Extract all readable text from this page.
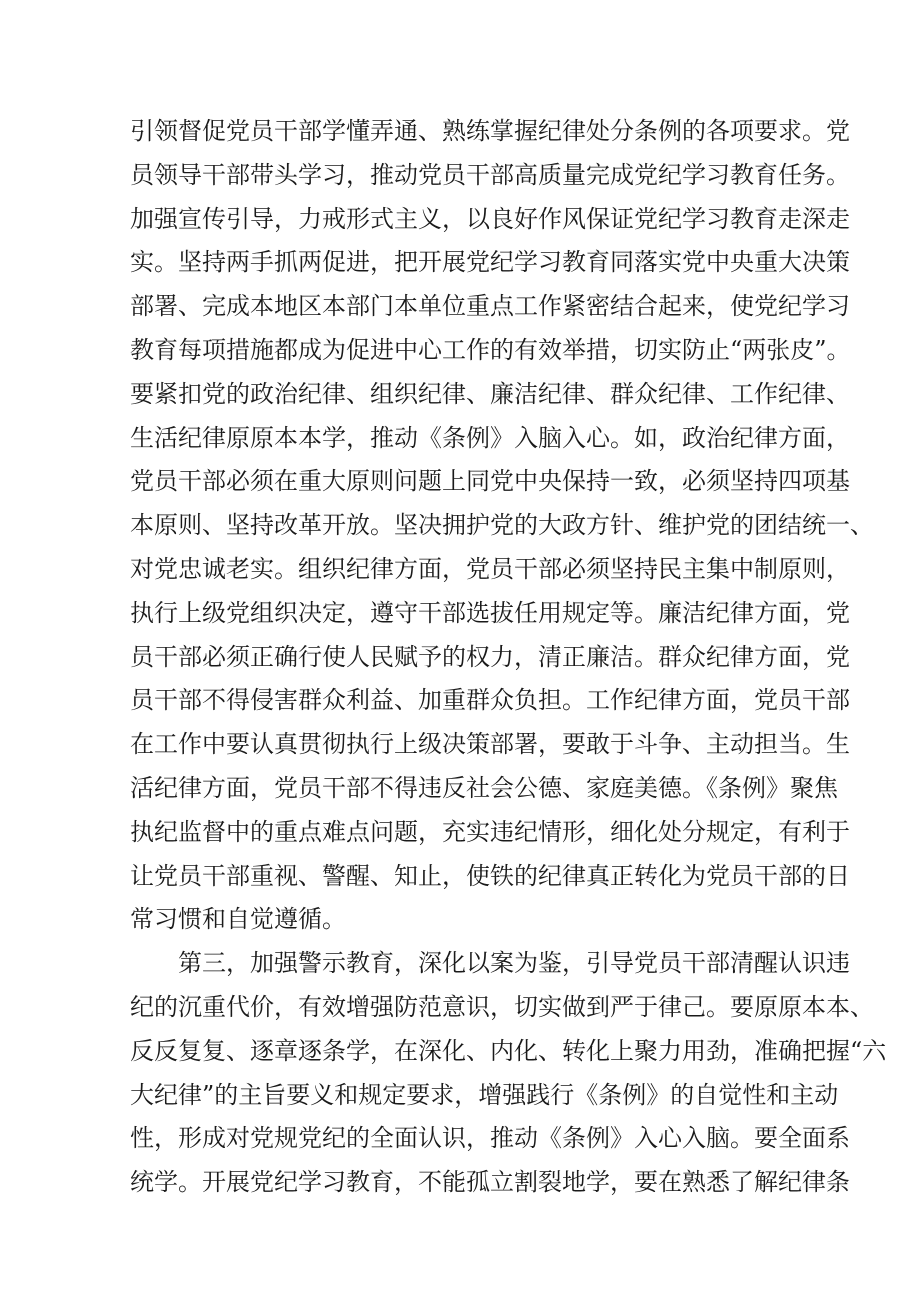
引领督促党员干部学懂弄通、熟练掌握纪律处分条例的各项要求。党
员领导干部带头学习，推动党员干部高质量完成党纪学习教育任务。
加强宣传引导，力戒形式主义，以良好作风保证党纪学习教育走深走
实。坚持两手抓两促进，把开展党纪学习教育同落实党中央重大决策
部署、完成本地区本部门本单位重点工作紧密结合起来，使党纪学习
教育每项措施都成为促进中心工作的有效举措，切实防止“两张皮”。
要紧扣党的政治纪律、组织纪律、廉洁纪律、群众纪律、工作纪律、
生活纪律原原本本学，推动《条例》入脑入心。如，政治纪律方面，
党员干部必须在重大原则问题上同党中央保持一致，必须坚持四项基
本原则、坚持改革开放。坚决拥护党的大政方针、维护党的团结统一、
对党忠诚老实。组织纪律方面，党员干部必须坚持民主集中制原则，
执行上级党组织决定，遵守干部选拔任用规定等。廉洁纪律方面，党
员干部必须正确行使人民赋予的权力，清正廉洁。群众纪律方面，党
员干部不得侵害群众利益、加重群众负担。工作纪律方面，党员干部
在工作中要认真贯彻执行上级决策部署，要敢于斗争、主动担当。生
活纪律方面，党员干部不得违反社会公德、家庭美德。《条例》聚焦
执纪监督中的重点难点问题，充实违纪情形，细化处分规定，有利于
让党员干部重视、警醒、知止，使铁的纪律真正转化为党员干部的日
常习惯和自觉遵循。
第三，加强警示教育，深化以案为鉴，引导党员干部清醒认识违
纪的沉重代价，有效增强防范意识，切实做到严于律己。要原原本本、
反反复复、逐章逐条学，在深化、内化、转化上聚力用劲，准确把握“六
大纪律”的主旨要义和规定要求，增强践行《条例》的自觉性和主动
性，形成对党规党纪的全面认识，推动《条例》入心入脑。要全面系
统学。开展党纪学习教育，不能孤立割裂地学，要在熟悉了解纪律条
